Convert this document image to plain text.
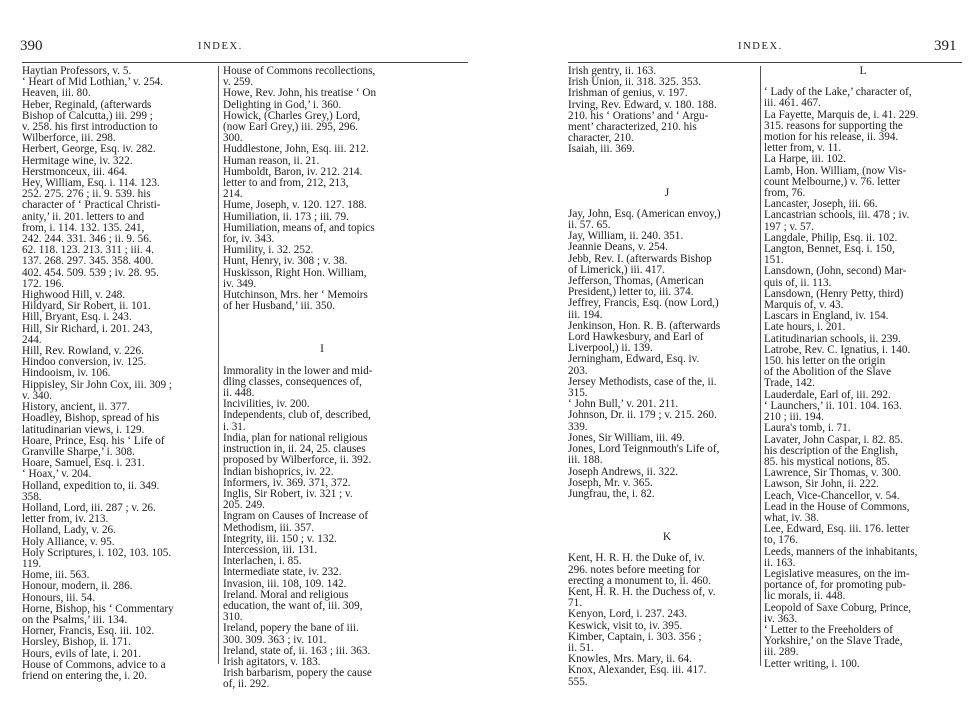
390	INDEX.
Haytian Professors, v. 5.
‘ Heart of Mid Lothian,’ v. 254.
Heaven, iii. 80.
Heber, Reginald, (afterwards
Bishop of Calcutta,) iii. 299 ;
v. 258. his first introduction to
Wilberforce, iii. 298.
Herbert, George, Esq. iv. 282.
Hermitage wine, iv. 322.
Herstmonceux, iii. 464.
Hey, William, Esq. i. 114. 123.
252. 275. 276 ; ii. 9. 539. his
character of ‘ Practical Christi-
anity,’ ii. 201. letters to and
from, i. 114. 132. 135. 241,
242. 244. 331. 346 ; ii. 9. 56.
62. 118. 123. 213. 311 ; iii. 4.
137. 268. 297. 345. 358. 400.
402. 454. 509. 539 ; iv. 28. 95.
172. 196.
Highwood Hill, v. 248.
Hildyard, Sir Robert, ii. 101.
Hill, Bryant, Esq. i. 243.
Hill, Sir Richard, i. 201. 243,
244.
Hill, Rev. Rowland, v. 226.
Hindoo conversion, iv. 125.
Hindooism, iv. 106.
Hippisley, Sir John Cox, iii. 309 ;
v. 340.
History, ancient, ii. 377.
Hoadley, Bishop, spread of his
latitudinarian views, i. 129.
Hoare, Prince, Esq. his ‘ Life of
Granville Sharpe,’ i. 308.
Hoare, Samuel, Esq. i. 231.
‘ Hoax,’ v. 204.
Holland, expedition to, ii. 349.
358.
Holland, Lord, iii. 287 ; v. 26.
letter from, iv. 213.
Holland, Lady, v. 26.
Holy Alliance, v. 95.
Holy Scriptures, i. 102, 103. 105.
119.
Home, iii. 563.
Honour, modern, ii. 286.
Honours, iii. 54.
Horne, Bishop, his ‘ Commentary
on the Psalms,’ iii. 134.
Horner, Francis, Esq. iii. 102.
Horsley, Bishop, ii. 171.
Hours, evils of late, i. 201.
House of Commons, advice to a
friend on entering the, i. 20.
House of Commons recollections,
v. 259.
Howe, Rev. John, his treatise ‘ On
Delighting in God,’ i. 360.
Howick, (Charles Grey,) Lord,
(now Earl Grey,) iii. 295, 296.
300.
Huddlestone, John, Esq. iii. 212.
Human reason, ii. 21.
Humboldt, Baron, iv. 212. 214.
letter to and from, 212, 213,
214.
Hume, Joseph, v. 120. 127. 188.
Humiliation, ii. 173 ; iii. 79.
Humiliation, means of, and topics
for, iv. 343.
Humility, i. 32. 252.
Hunt, Henry, iv. 308 ; v. 38.
Huskisson, Right Hon. William,
iv. 349.
Hutchinson, Mrs. her ‘ Memoirs
of her Husband,’ iii. 350.
I
Immorality in the lower and mid-
dling classes, consequences of,
ii. 448.
Incivilities, iv. 200.
Independents, club of, described,
i. 31.
India, plan for national religious
instruction in, ii. 24, 25. clauses
proposed by Wilberforce, ii. 392.
Indian bishoprics, iv. 22.
Informers, iv. 369. 371, 372.
Inglis, Sir Robert, iv. 321 ; v.
205. 249.
Ingram on Causes of Increase of
Methodism, iii. 357.
Integrity, iii. 150 ; v. 132.
Intercession, iii. 131.
Interlachen, i. 85.
Intermediate state, iv. 232.
Invasion, iii. 108, 109. 142.
Ireland. Moral and religious
education, the want of, iii. 309,
310.
Ireland, popery the bane of iii.
300. 309. 363 ; iv. 101.
Ireland, state of, ii. 163 ; iii. 363.
Irish agitators, v. 183.
Irish barbarism, popery the cause
of, ii. 292.
INDEX.	391
Irish gentry, ii. 163.
Irish Union, ii. 318. 325. 353.
Irishman of genius, v. 197.
Irving, Rev. Edward, v. 180. 188.
210. his ‘ Orations’ and ‘ Argu-
ment’ characterized, 210. his
character, 210.
Isaiah, iii. 369.
J
Jay, John, Esq. (American envoy,)
ii. 57. 65.
Jay, William, ii. 240. 351.
Jeannie Deans, v. 254.
Jebb, Rev. I. (afterwards Bishop
of Limerick,) iii. 417.
Jefferson, Thomas, (American
President,) letter to, iii. 374.
Jeffrey, Francis, Esq. (now Lord,)
iii. 194.
Jenkinson, Hon. R. B. (afterwards
Lord Hawkesbury, and Earl of
Liverpool,) ii. 139.
Jerningham, Edward, Esq. iv.
203.
Jersey Methodists, case of the, ii.
315.
‘ John Bull,’ v. 201. 211.
Johnson, Dr. ii. 179 ; v. 215. 260.
339.
Jones, Sir William, iii. 49.
Jones, Lord Teignmouth's Life of,
iii. 188.
Joseph Andrews, ii. 322.
Joseph, Mr. v. 365.
Jungfrau, the, i. 82.
K
Kent, H. R. H. the Duke of, iv.
296. notes before meeting for
erecting a monument to, ii. 460.
Kent, H. R. H. the Duchess of, v.
71.
Kenyon, Lord, i. 237. 243.
Keswick, visit to, iv. 395.
Kimber, Captain, i. 303. 356 ;
ii. 51.
Knowles, Mrs. Mary, ii. 64.
Knox, Alexander, Esq. iii. 417.
555.
L
‘ Lady of the Lake,’ character of,
iii. 461. 467.
La Fayette, Marquis de, i. 41. 229.
315. reasons for supporting the
motion for his release, ii. 394.
letter from, v. 11.
La Harpe, iii. 102.
Lamb, Hon. William, (now Vis-
count Melbourne,) v. 76. letter
from, 76.
Lancaster, Joseph, iii. 66.
Lancastrian schools, iii. 478 ; iv.
197 ; v. 57.
Langdale, Philip, Esq. ii. 102.
Langton, Bennet, Esq. i. 150,
151.
Lansdown, (John, second) Mar-
quis of, ii. 113.
Lansdown, (Henry Petty, third)
Marquis of, v. 43.
Lascars in England, iv. 154.
Late hours, i. 201.
Latitudinarian schools, ii. 239.
Latrobe, Rev. C. Ignatius, i. 140.
150. his letter on the origin
of the Abolition of the Slave
Trade, 142.
Lauderdale, Earl of, iii. 292.
‘ Launchers,’ ii. 101. 104. 163.
210 ; iii. 194.
Laura's tomb, i. 71.
Lavater, John Caspar, i. 82. 85.
his description of the English,
85. his mystical notions, 85.
Lawrence, Sir Thomas, v. 300.
Lawson, Sir John, ii. 222.
Leach, Vice-Chancellor, v. 54.
Lead in the House of Commons,
what, iv. 38.
Lee, Edward, Esq. iii. 176. letter
to, 176.
Leeds, manners of the inhabitants,
ii. 163.
Legislative measures, on the im-
portance of, for promoting pub-
lic morals, ii. 448.
Leopold of Saxe Coburg, Prince,
iv. 363.
‘ Letter to the Freeholders of
Yorkshire,’ on the Slave Trade,
iii. 289.
Letter writing, i. 100.
